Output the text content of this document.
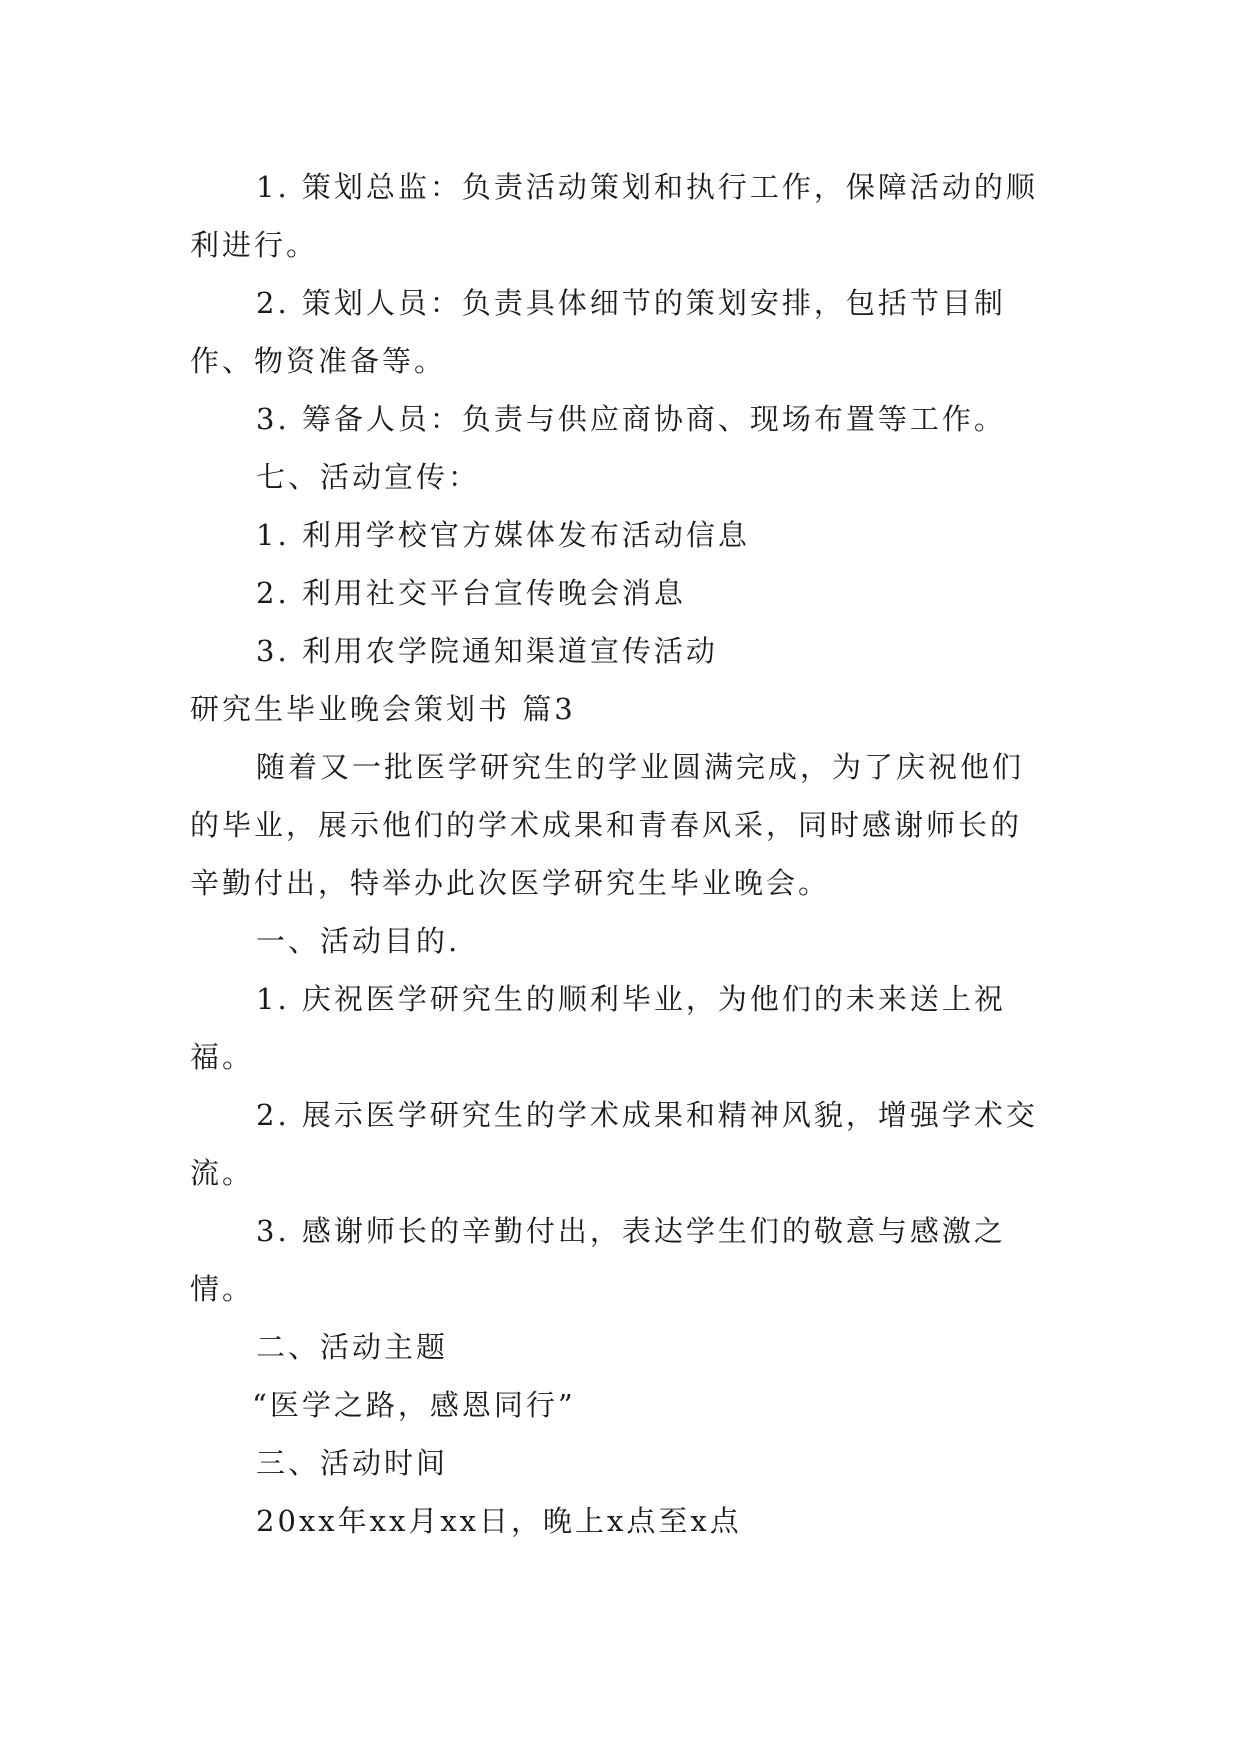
1. 策划总监：负责活动策划和执行工作，保障活动的顺利进行。

2. 策划人员：负责具体细节的策划安排，包括节目制作、物资准备等。

3. 筹备人员：负责与供应商协商、现场布置等工作。

七、活动宣传：

1. 利用学校官方媒体发布活动信息

2. 利用社交平台宣传晚会消息

3. 利用农学院通知渠道宣传活动

研究生毕业晚会策划书 篇3

随着又一批医学研究生的学业圆满完成，为了庆祝他们的毕业，展示他们的学术成果和青春风采，同时感谢师长的辛勤付出，特举办此次医学研究生毕业晚会。

一、活动目的.

1. 庆祝医学研究生的顺利毕业，为他们的未来送上祝福。

2. 展示医学研究生的学术成果和精神风貌，增强学术交流。

3. 感谢师长的辛勤付出，表达学生们的敬意与感激之情。

二、活动主题

“医学之路，感恩同行”

三、活动时间

20xx年xx月xx日，晚上x点至x点
